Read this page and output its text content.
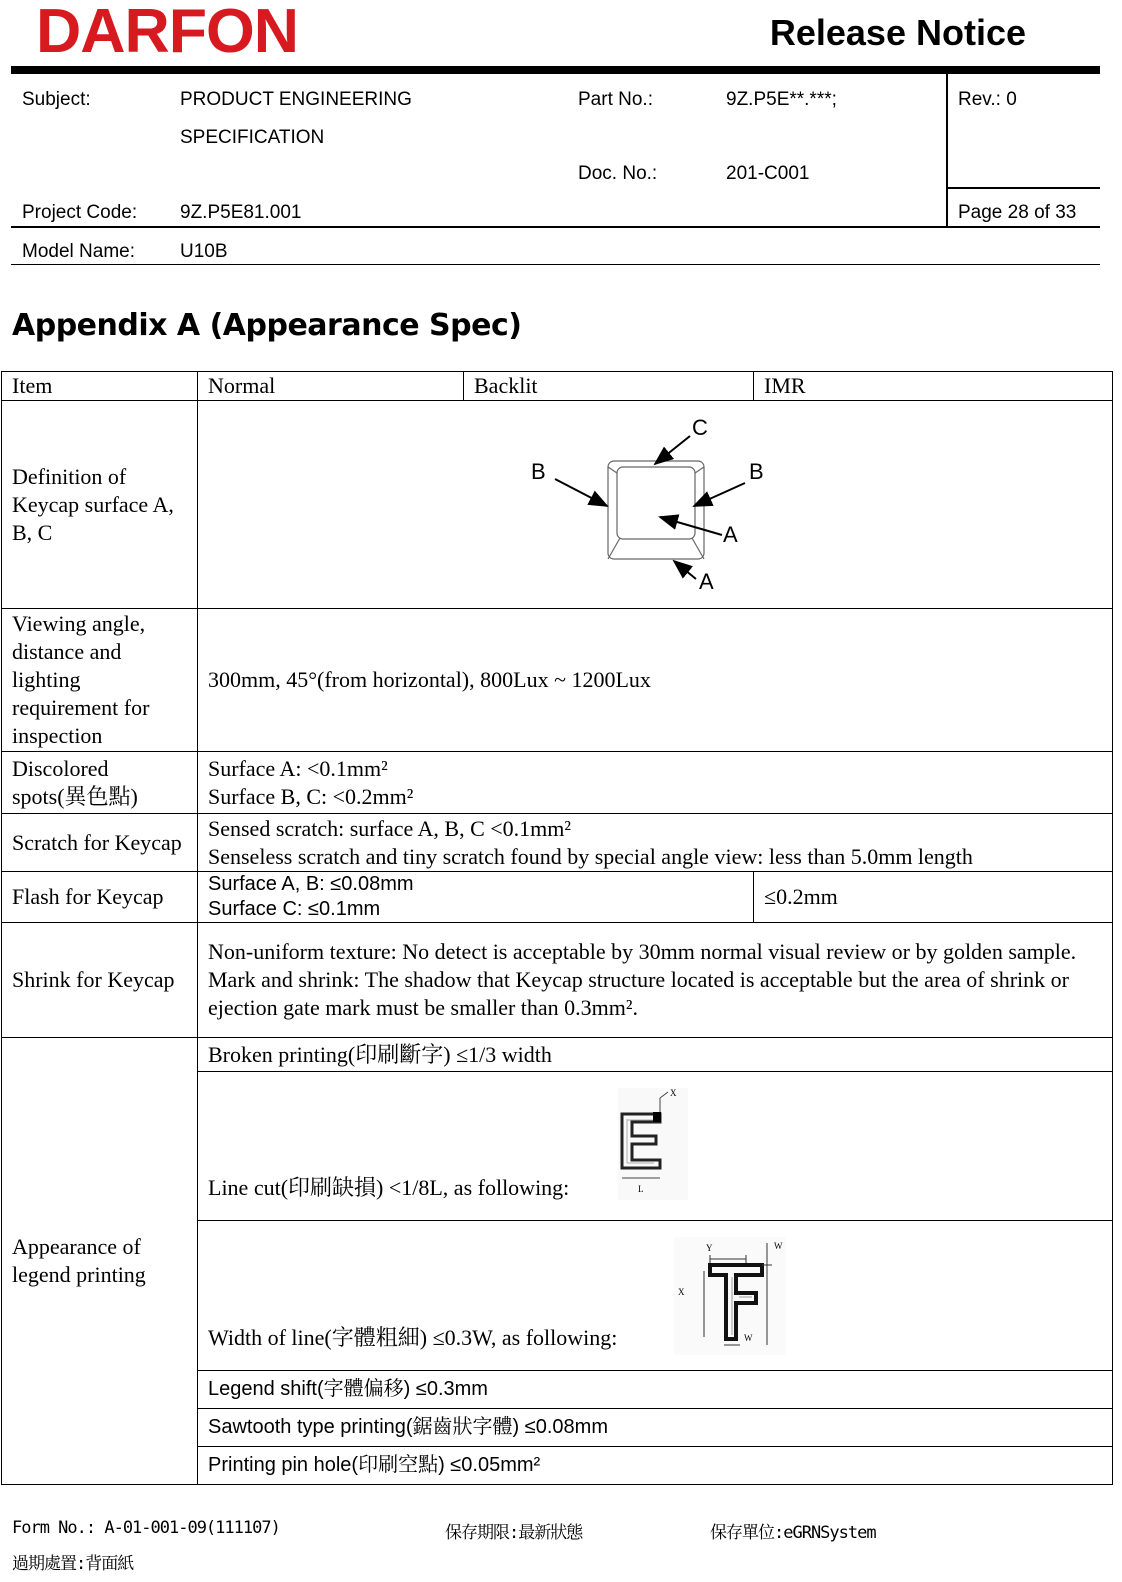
DARFON	Release Notice
Subject:	PRODUCT ENGINEERING
SPECIFICATION
Part No.:	9Z.P5E**.***;
Doc. No.:	201-C001
Rev.: 0
Project Code: 9Z.P5E81.001	Page 28 of 33
Model Name: U10B
Appendix A (Appearance Spec)
Item	Normal	Backlit	IMR
Definition of Keycap surface A, B, C	C
B B
A
A		

Viewing angle, distance and lighting requirement for inspection	300mm, 45°(from horizontal), 800Lux ~ 1200Lux		
Discolored spots(異色點)	Surface A: <0.1mm²
Surface B, C: <0.2mm²		

Scratch for Keycap	Sensed scratch: surface A, B, C <0.1mm²
Senseless scratch and tiny scratch found by special angle view: less than 5.0mm length		

Flash for Keycap	Surface A, B: ≤0.08mm
Surface C: ≤0.1mm		≤0.2mm
Shrink for Keycap	Non-uniform texture: No detect is acceptable by 30mm normal visual review or by golden sample.
Mark and shrink: The shadow that Keycap structure located is acceptable but the area of shrink or ejection gate mark must be smaller than 0.3mm².		

Appearance of legend printing	Broken printing(印刷斷字) ≤1/3 width		

	Line cut(印刷缺損) <1/8L, as following:
X
L		

	Width of line(字體粗細) ≤0.3W, as following:
Y W
X
W		

	Legend shift(字體偏移) ≤0.3mm		
	Sawtooth type printing(鋸齒狀字體) ≤0.08mm		
	Printing pin hole(印刷空點) ≤0.05mm²		
Form No.: A-01-001-09(111107)	保存期限:最新狀態	保存單位:eGRNSystem
過期處置:背面紙
